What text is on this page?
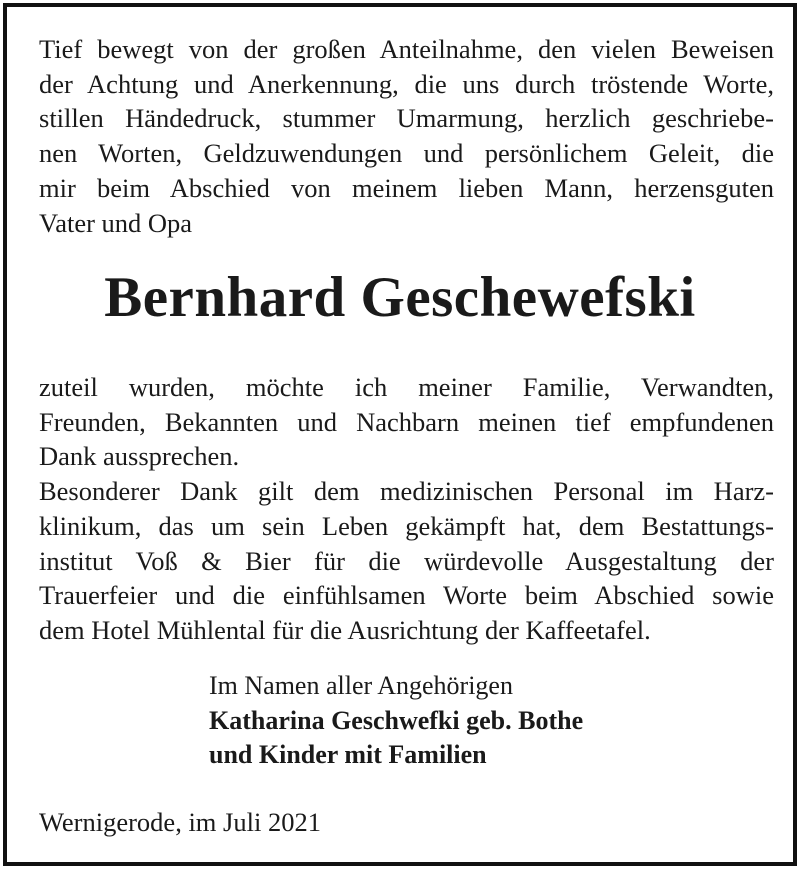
Tief bewegt von der großen Anteilnahme, den vielen Beweisen
der Achtung und Anerkennung, die uns durch tröstende Worte,
stillen Händedruck, stummer Umarmung, herzlich geschriebe-
nen Worten, Geldzuwendungen und persönlichem Geleit, die
mir beim Abschied von meinem lieben Mann, herzensguten
Vater und Opa
Bernhard Geschewefski
zuteil wurden, möchte ich meiner Familie, Verwandten,
Freunden, Bekannten und Nachbarn meinen tief empfundenen
Dank aussprechen.
Besonderer Dank gilt dem medizinischen Personal im Harz-
klinikum, das um sein Leben gekämpft hat, dem Bestattungs-
institut Voß & Bier für die würdevolle Ausgestaltung der
Trauerfeier und die einfühlsamen Worte beim Abschied sowie
dem Hotel Mühlental für die Ausrichtung der Kaffeetafel.
Im Namen aller Angehörigen
Katharina Geschwefki geb. Bothe
und Kinder mit Familien
Wernigerode, im Juli 2021
